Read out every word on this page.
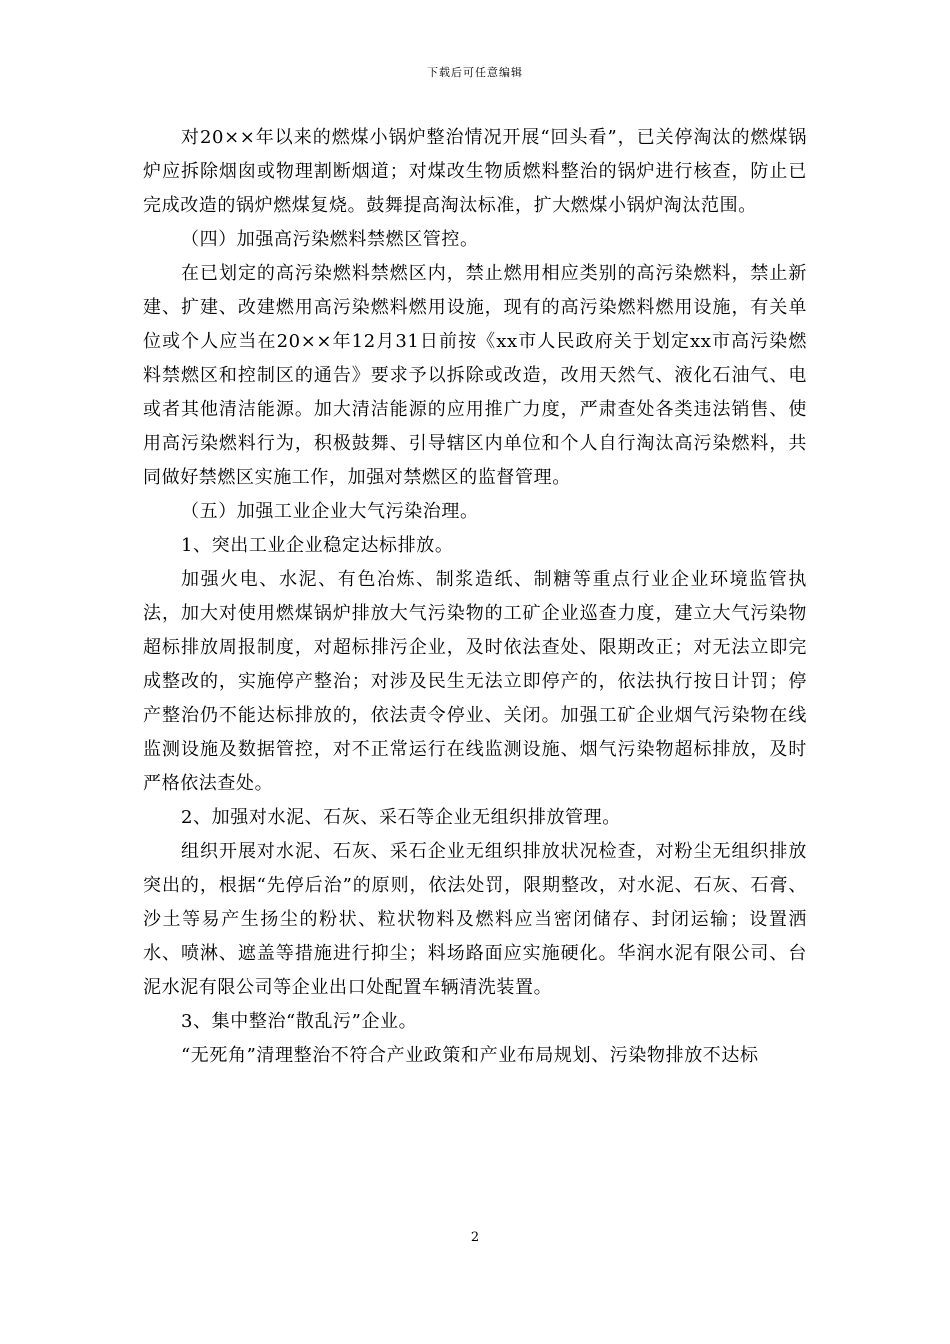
下载后可任意编辑

对20××年以来的燃煤小锅炉整治情况开展“回头看”，已关停淘汰的燃煤锅炉应拆除烟囱或物理割断烟道；对煤改生物质燃料整治的锅炉进行核查，防止已完成改造的锅炉燃煤复烧。鼓舞提高淘汰标准，扩大燃煤小锅炉淘汰范围。

（四）加强高污染燃料禁燃区管控。

在已划定的高污染燃料禁燃区内，禁止燃用相应类别的高污染燃料，禁止新建、扩建、改建燃用高污染燃料燃用设施，现有的高污染燃料燃用设施，有关单位或个人应当在20××年12月31日前按《xx市人民政府关于划定xx市高污染燃料禁燃区和控制区的通告》要求予以拆除或改造，改用天然气、液化石油气、电或者其他清洁能源。加大清洁能源的应用推广力度，严肃查处各类违法销售、使用高污染燃料行为，积极鼓舞、引导辖区内单位和个人自行淘汰高污染燃料，共同做好禁燃区实施工作，加强对禁燃区的监督管理。

（五）加强工业企业大气污染治理。

1、突出工业企业稳定达标排放。

加强火电、水泥、有色冶炼、制浆造纸、制糖等重点行业企业环境监管执法，加大对使用燃煤锅炉排放大气污染物的工矿企业巡查力度，建立大气污染物超标排放周报制度，对超标排污企业，及时依法查处、限期改正；对无法立即完成整改的，实施停产整治；对涉及民生无法立即停产的，依法执行按日计罚；停产整治仍不能达标排放的，依法责令停业、关闭。加强工矿企业烟气污染物在线监测设施及数据管控，对不正常运行在线监测设施、烟气污染物超标排放，及时严格依法查处。

2、加强对水泥、石灰、采石等企业无组织排放管理。

组织开展对水泥、石灰、采石企业无组织排放状况检查，对粉尘无组织排放突出的，根据“先停后治”的原则，依法处罚，限期整改，对水泥、石灰、石膏、沙土等易产生扬尘的粉状、粒状物料及燃料应当密闭储存、封闭运输；设置洒水、喷淋、遮盖等措施进行抑尘；料场路面应实施硬化。华润水泥有限公司、台泥水泥有限公司等企业出口处配置车辆清洗装置。

3、集中整治“散乱污”企业。

“无死角”清理整治不符合产业政策和产业布局规划、污染物排放不达标

2
